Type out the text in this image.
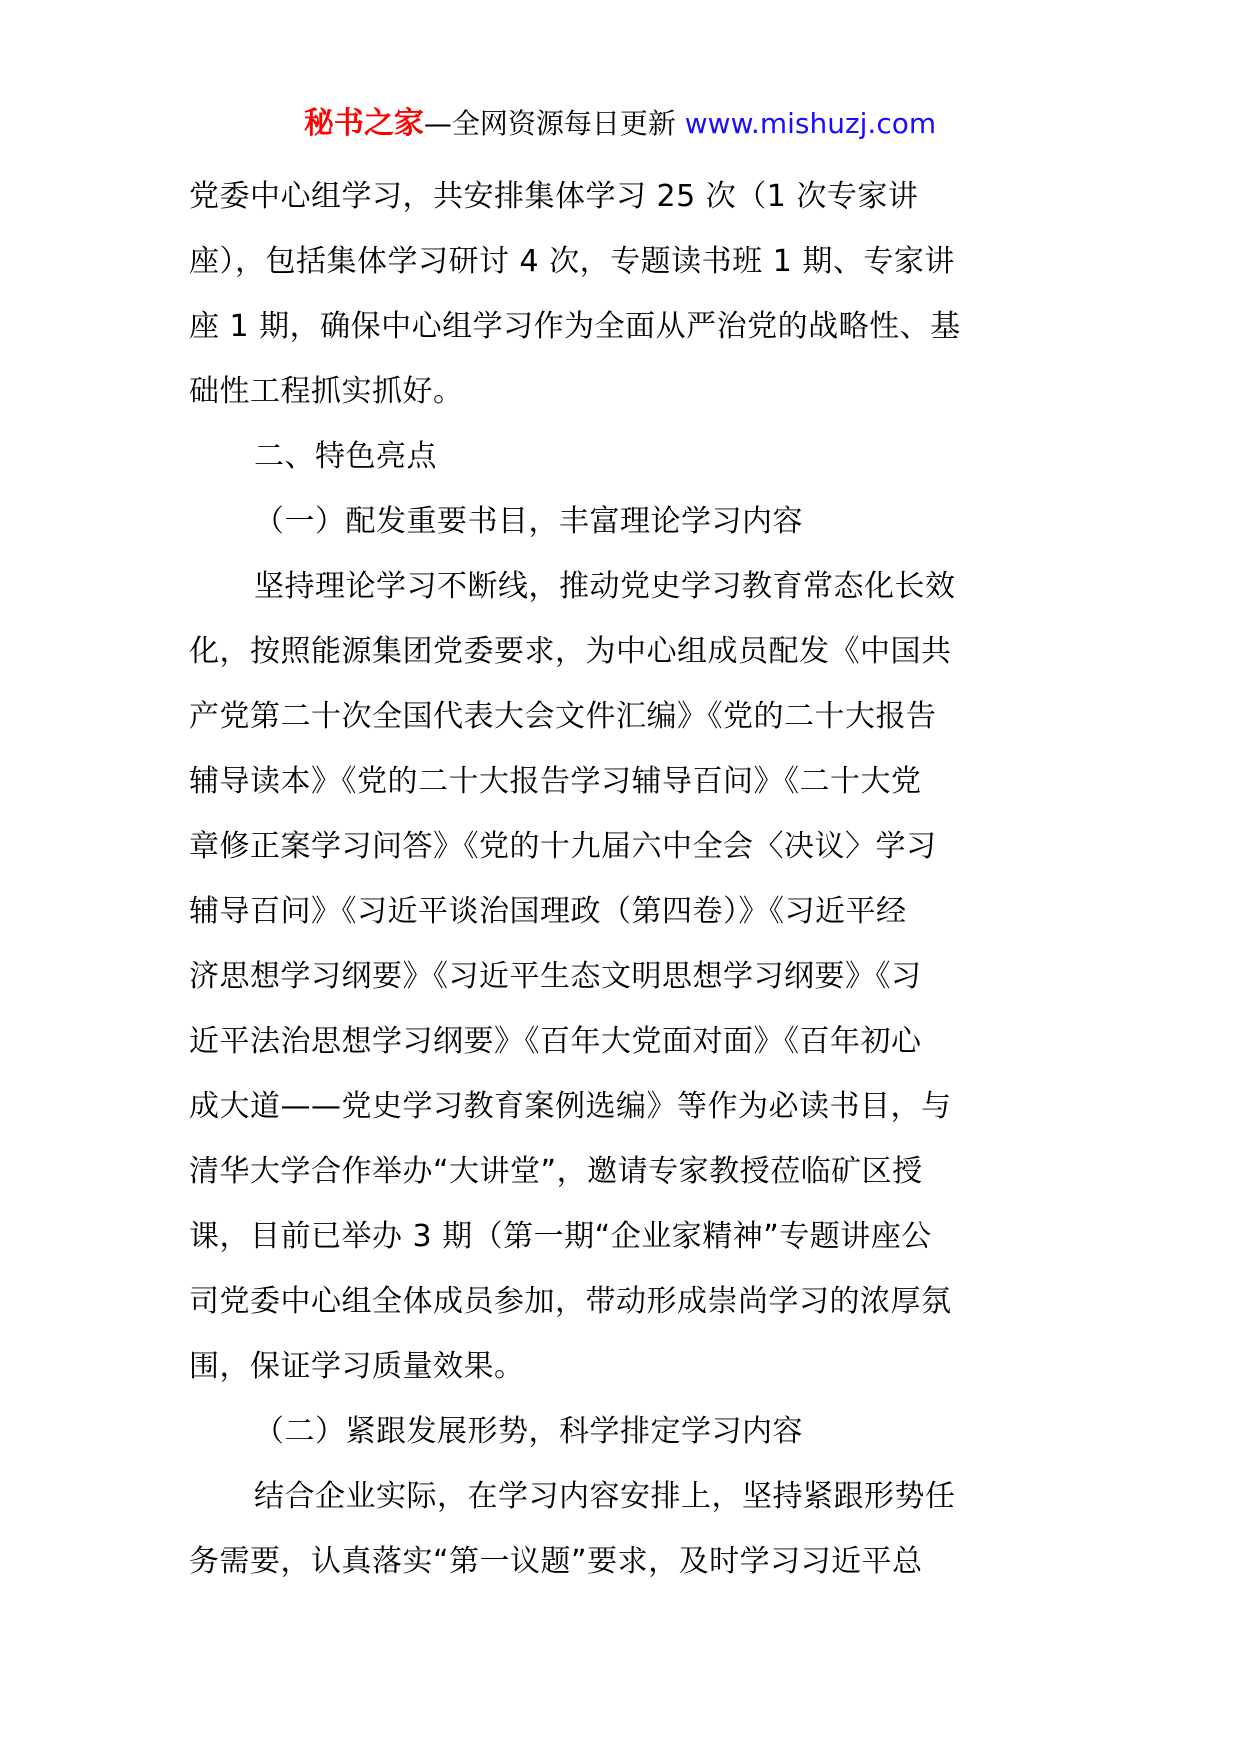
秘书之家—全网资源每日更新 www.mishuzj.com
党委中心组学习，共安排集体学习 25 次（1 次专家讲
座），包括集体学习研讨 4 次，专题读书班 1 期、专家讲
座 1 期，确保中心组学习作为全面从严治党的战略性、基
础性工程抓实抓好。
二、特色亮点
（一）配发重要书目，丰富理论学习内容
坚持理论学习不断线，推动党史学习教育常态化长效
化，按照能源集团党委要求，为中心组成员配发《中国共
产党第二十次全国代表大会文件汇编》《党的二十大报告
辅导读本》《党的二十大报告学习辅导百问》《二十大党
章修正案学习问答》《党的十九届六中全会〈决议〉学习
辅导百问》《习近平谈治国理政（第四卷）》《习近平经
济思想学习纲要》《习近平生态文明思想学习纲要》《习
近平法治思想学习纲要》《百年大党面对面》《百年初心
成大道——党史学习教育案例选编》等作为必读书目，与
清华大学合作举办“大讲堂”，邀请专家教授莅临矿区授
课，目前已举办 3 期（第一期“企业家精神”专题讲座公
司党委中心组全体成员参加，带动形成崇尚学习的浓厚氛
围，保证学习质量效果。
（二）紧跟发展形势，科学排定学习内容
结合企业实际，在学习内容安排上，坚持紧跟形势任
务需要，认真落实“第一议题”要求，及时学习习近平总
